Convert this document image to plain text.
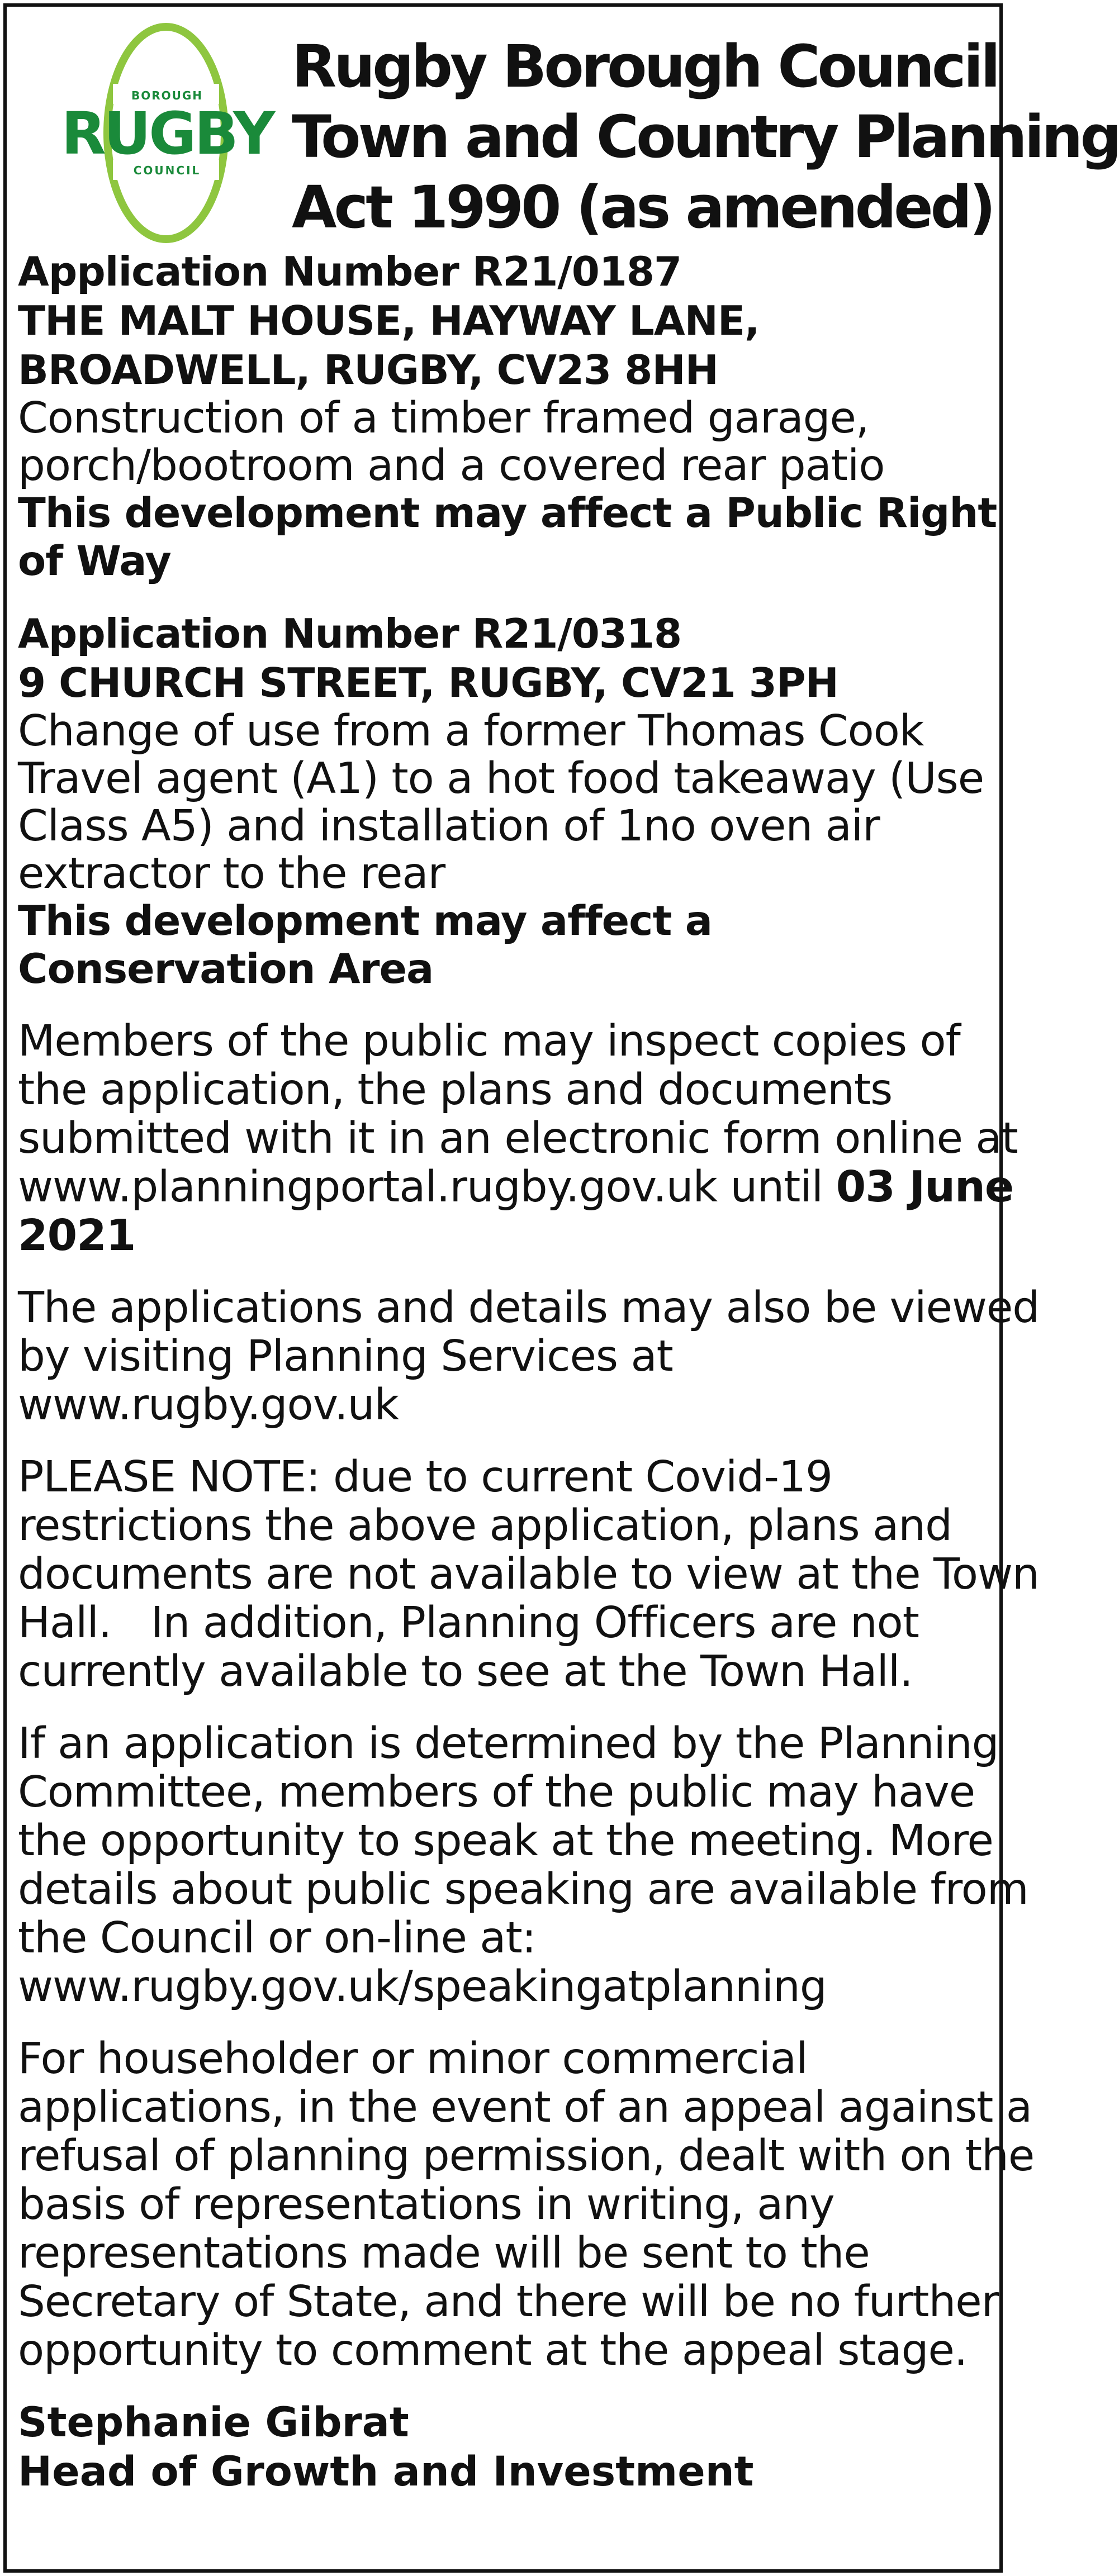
BOROUGH
RUGBY
COUNCIL
Rugby Borough Council
Town and Country Planning
Act 1990 (as amended)
Application Number R21/0187
THE MALT HOUSE, HAYWAY LANE,
BROADWELL, RUGBY, CV23 8HH
Construction of a timber framed garage,
porch/bootroom and a covered rear patio
This development may affect a Public Right
of Way
Application Number R21/0318
9 CHURCH STREET, RUGBY, CV21 3PH
Change of use from a former Thomas Cook
Travel agent (A1) to a hot food takeaway (Use
Class A5) and installation of 1no oven air
extractor to the rear
This development may affect a
Conservation Area
Members of the public may inspect copies of
the application, the plans and documents
submitted with it in an electronic form online at
www.planningportal.rugby.gov.uk until 03 June
2021
The applications and details may also be viewed
by visiting Planning Services at
www.rugby.gov.uk
PLEASE NOTE: due to current Covid-19
restrictions the above application, plans and
documents are not available to view at the Town
Hall.   In addition, Planning Officers are not
currently available to see at the Town Hall.
If an application is determined by the Planning
Committee, members of the public may have
the opportunity to speak at the meeting. More
details about public speaking are available from
the Council or on-line at:
www.rugby.gov.uk/speakingatplanning
For householder or minor commercial
applications, in the event of an appeal against a
refusal of planning permission, dealt with on the
basis of representations in writing, any
representations made will be sent to the
Secretary of State, and there will be no further
opportunity to comment at the appeal stage.
Stephanie Gibrat
Head of Growth and Investment
